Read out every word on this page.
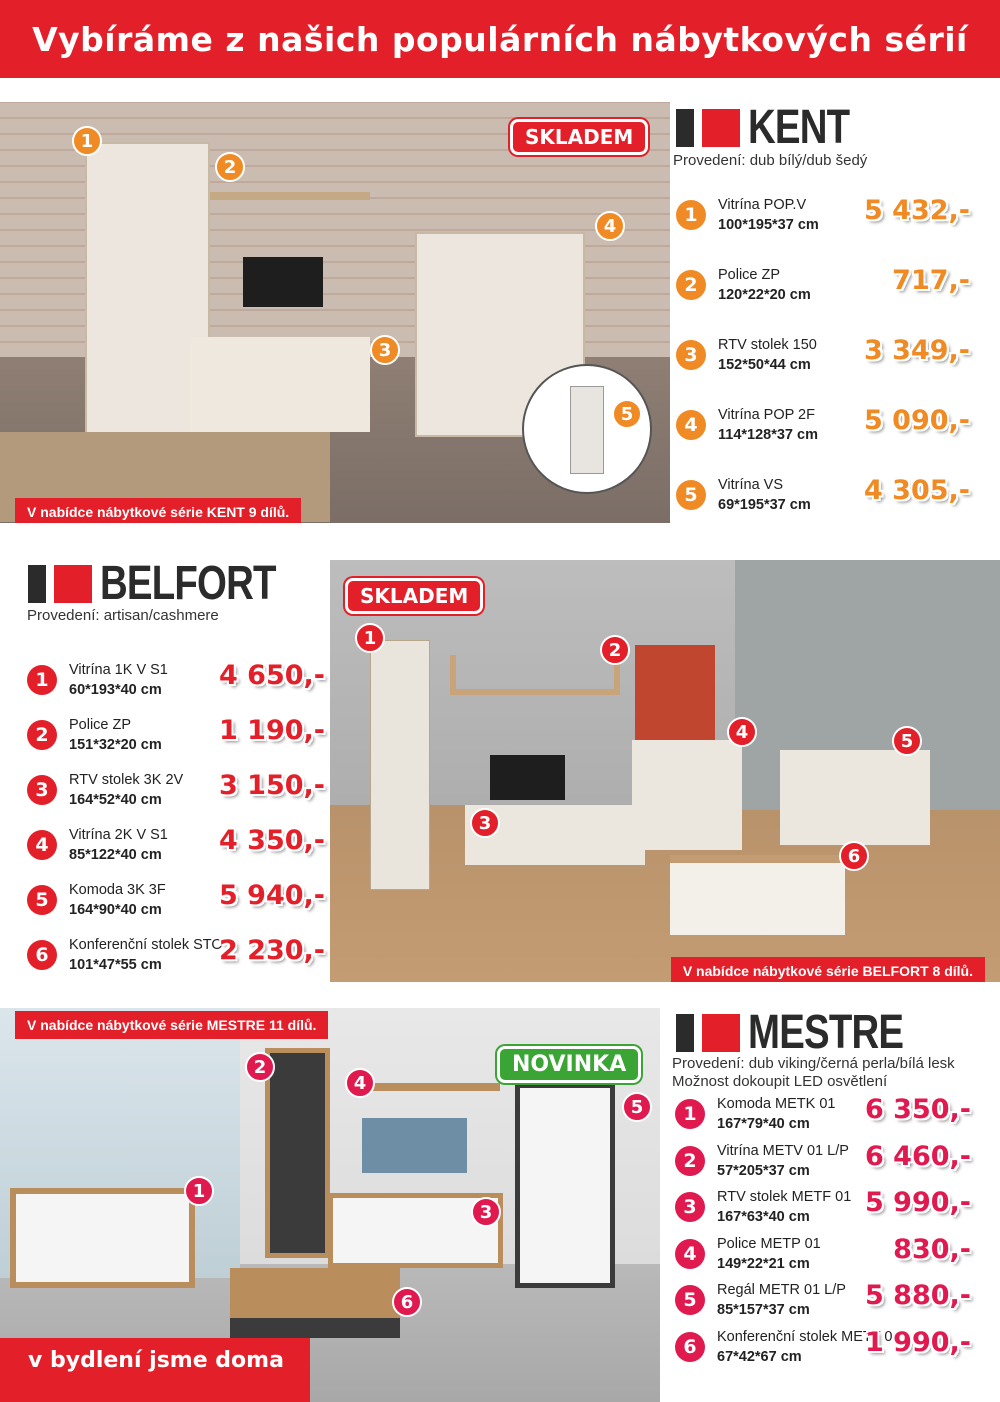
Vybíráme z našich populárních nábytkových sérií
SKLADEM
1
2
3
4
5
V nabídce nábytkové série KENT 9 dílů.
KENT
Provedení: dub bílý/dub šedý
1	Vitrína POP.V
100*195*37 cm 5 432,-
2	Police ZP
120*22*20 cm	717,-
3	RTV stolek 150
152*50*44 cm 3 349,-
4	Vitrína POP 2F
114*128*37 cm 5 090,-
5	Vitrína VS
69*195*37 cm 4 305,-
BELFORT
Provedení: artisan/cashmere
SKLADEM
1
2
3
4	5
6
V nabídce nábytkové série BELFORT 8 dílů.
1	Vitrína 1K V S1
60*193*40 cm 4 650,-
2	Police ZP
151*32*20 cm 1 190,-
3	RTV stolek 3K 2V
164*52*40 cm	3 150,-
4	Vitrína 2K V S1
85*122*40 cm 4 350,-
5	Komoda 3K 3F
164*90*40 cm 5 940,-
6	Konferenční stolek STO
101*47*55 cm	2 230,-
V nabídce nábytkové série MESTRE 11 dílů.
NOVINKA
1
2
3
4
5
6
v bydlení jsme doma
MESTRE
Provedení: dub viking/černá perla/bílá lesk
Možnost dokoupit LED osvětlení
1	Komoda METK 01
167*79*40 cm	6 350,-
2	Vitrína METV 01 L/P
57*205*37 cm	6 460,-
3	RTV stolek METF 01
167*63*40 cm	5 990,-
4	Police METP 01
149*22*21 cm	830,-
5	Regál METR 01 L/P
85*157*37 cm	5 880,-
6	Konferenční stolek METT 01
67*42*67 cm	1 990,-
